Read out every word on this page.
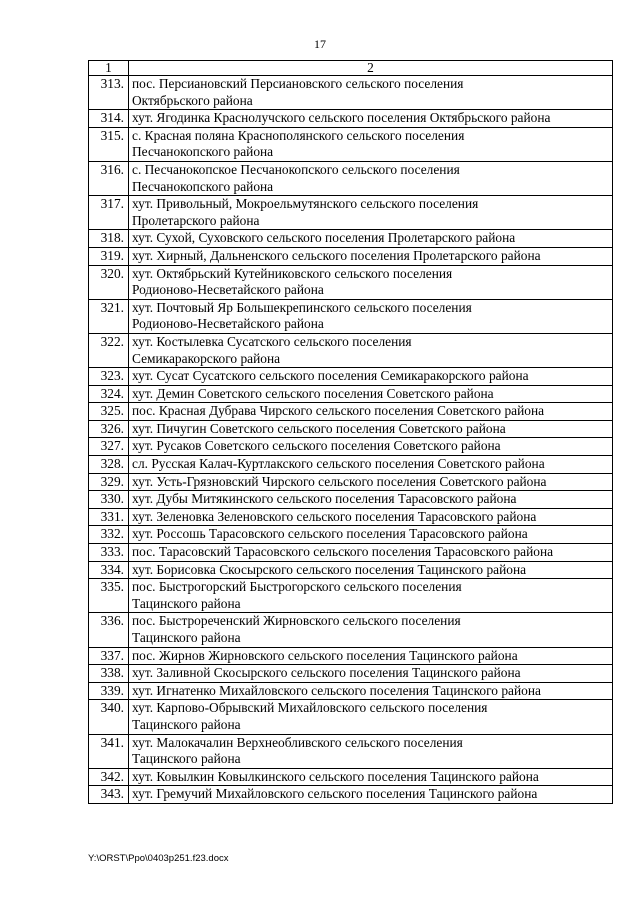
17
1	2
313.	пос. Персиановский Персиановского сельского поселения
Октябрьского района
314.	хут. Ягодинка Краснолучского сельского поселения Октябрьского района
315.	с. Красная поляна Краснополянского сельского поселения
Песчанокопского района
316.	с. Песчанокопское Песчанокопского сельского поселения
Песчанокопского района
317.	хут. Привольный, Мокроельмутянского сельского поселения
Пролетарского района
318.	хут. Сухой, Суховского сельского поселения Пролетарского района
319.	хут. Хирный, Дальненского сельского поселения Пролетарского района
320.	хут. Октябрьский Кутейниковского сельского поселения
Родионово-Несветайского района
321.	хут. Почтовый Яр Большекрепинского сельского поселения
Родионово-Несветайского района
322.	хут. Костылевка Сусатского сельского поселения
Семикаракорского района
323.	хут. Сусат Сусатского сельского поселения Семикаракорского района
324.	хут. Демин Советского сельского поселения Советского района
325.	пос. Красная Дубрава Чирского сельского поселения Советского района
326.	хут. Пичугин Советского сельского поселения Советского района
327.	хут. Русаков Советского сельского поселения Советского района
328.	сл. Русская Калач-Куртлакского сельского поселения Советского района
329.	хут. Усть-Грязновский Чирского сельского поселения Советского района
330.	хут. Дубы Митякинского сельского поселения Тарасовского района
331.	хут. Зеленовка Зеленовского сельского поселения Тарасовского района
332.	хут. Россошь Тарасовского сельского поселения Тарасовского района
333.	пос. Тарасовский Тарасовского сельского поселения Тарасовского района
334.	хут. Борисовка Скосырского сельского поселения Тацинского района
335.	пос. Быстрогорский Быстрогорского сельского поселения
Тацинского района
336.	пос. Быстрореченский Жирновского сельского поселения
Тацинского района
337.	пос. Жирнов Жирновского сельского поселения Тацинского района
338.	хут. Заливной Скосырского сельского поселения Тацинского района
339.	хут. Игнатенко Михайловского сельского поселения Тацинского района
340.	хут. Карпово-Обрывский Михайловского сельского поселения
Тацинского района
341.	хут. Малокачалин Верхнеобливского сельского поселения
Тацинского района
342.	хут. Ковылкин Ковылкинского сельского поселения Тацинского района
343.	хут. Гремучий Михайловского сельского поселения Тацинского района
Y:\ORST\Ppo\0403p251.f23.docx
